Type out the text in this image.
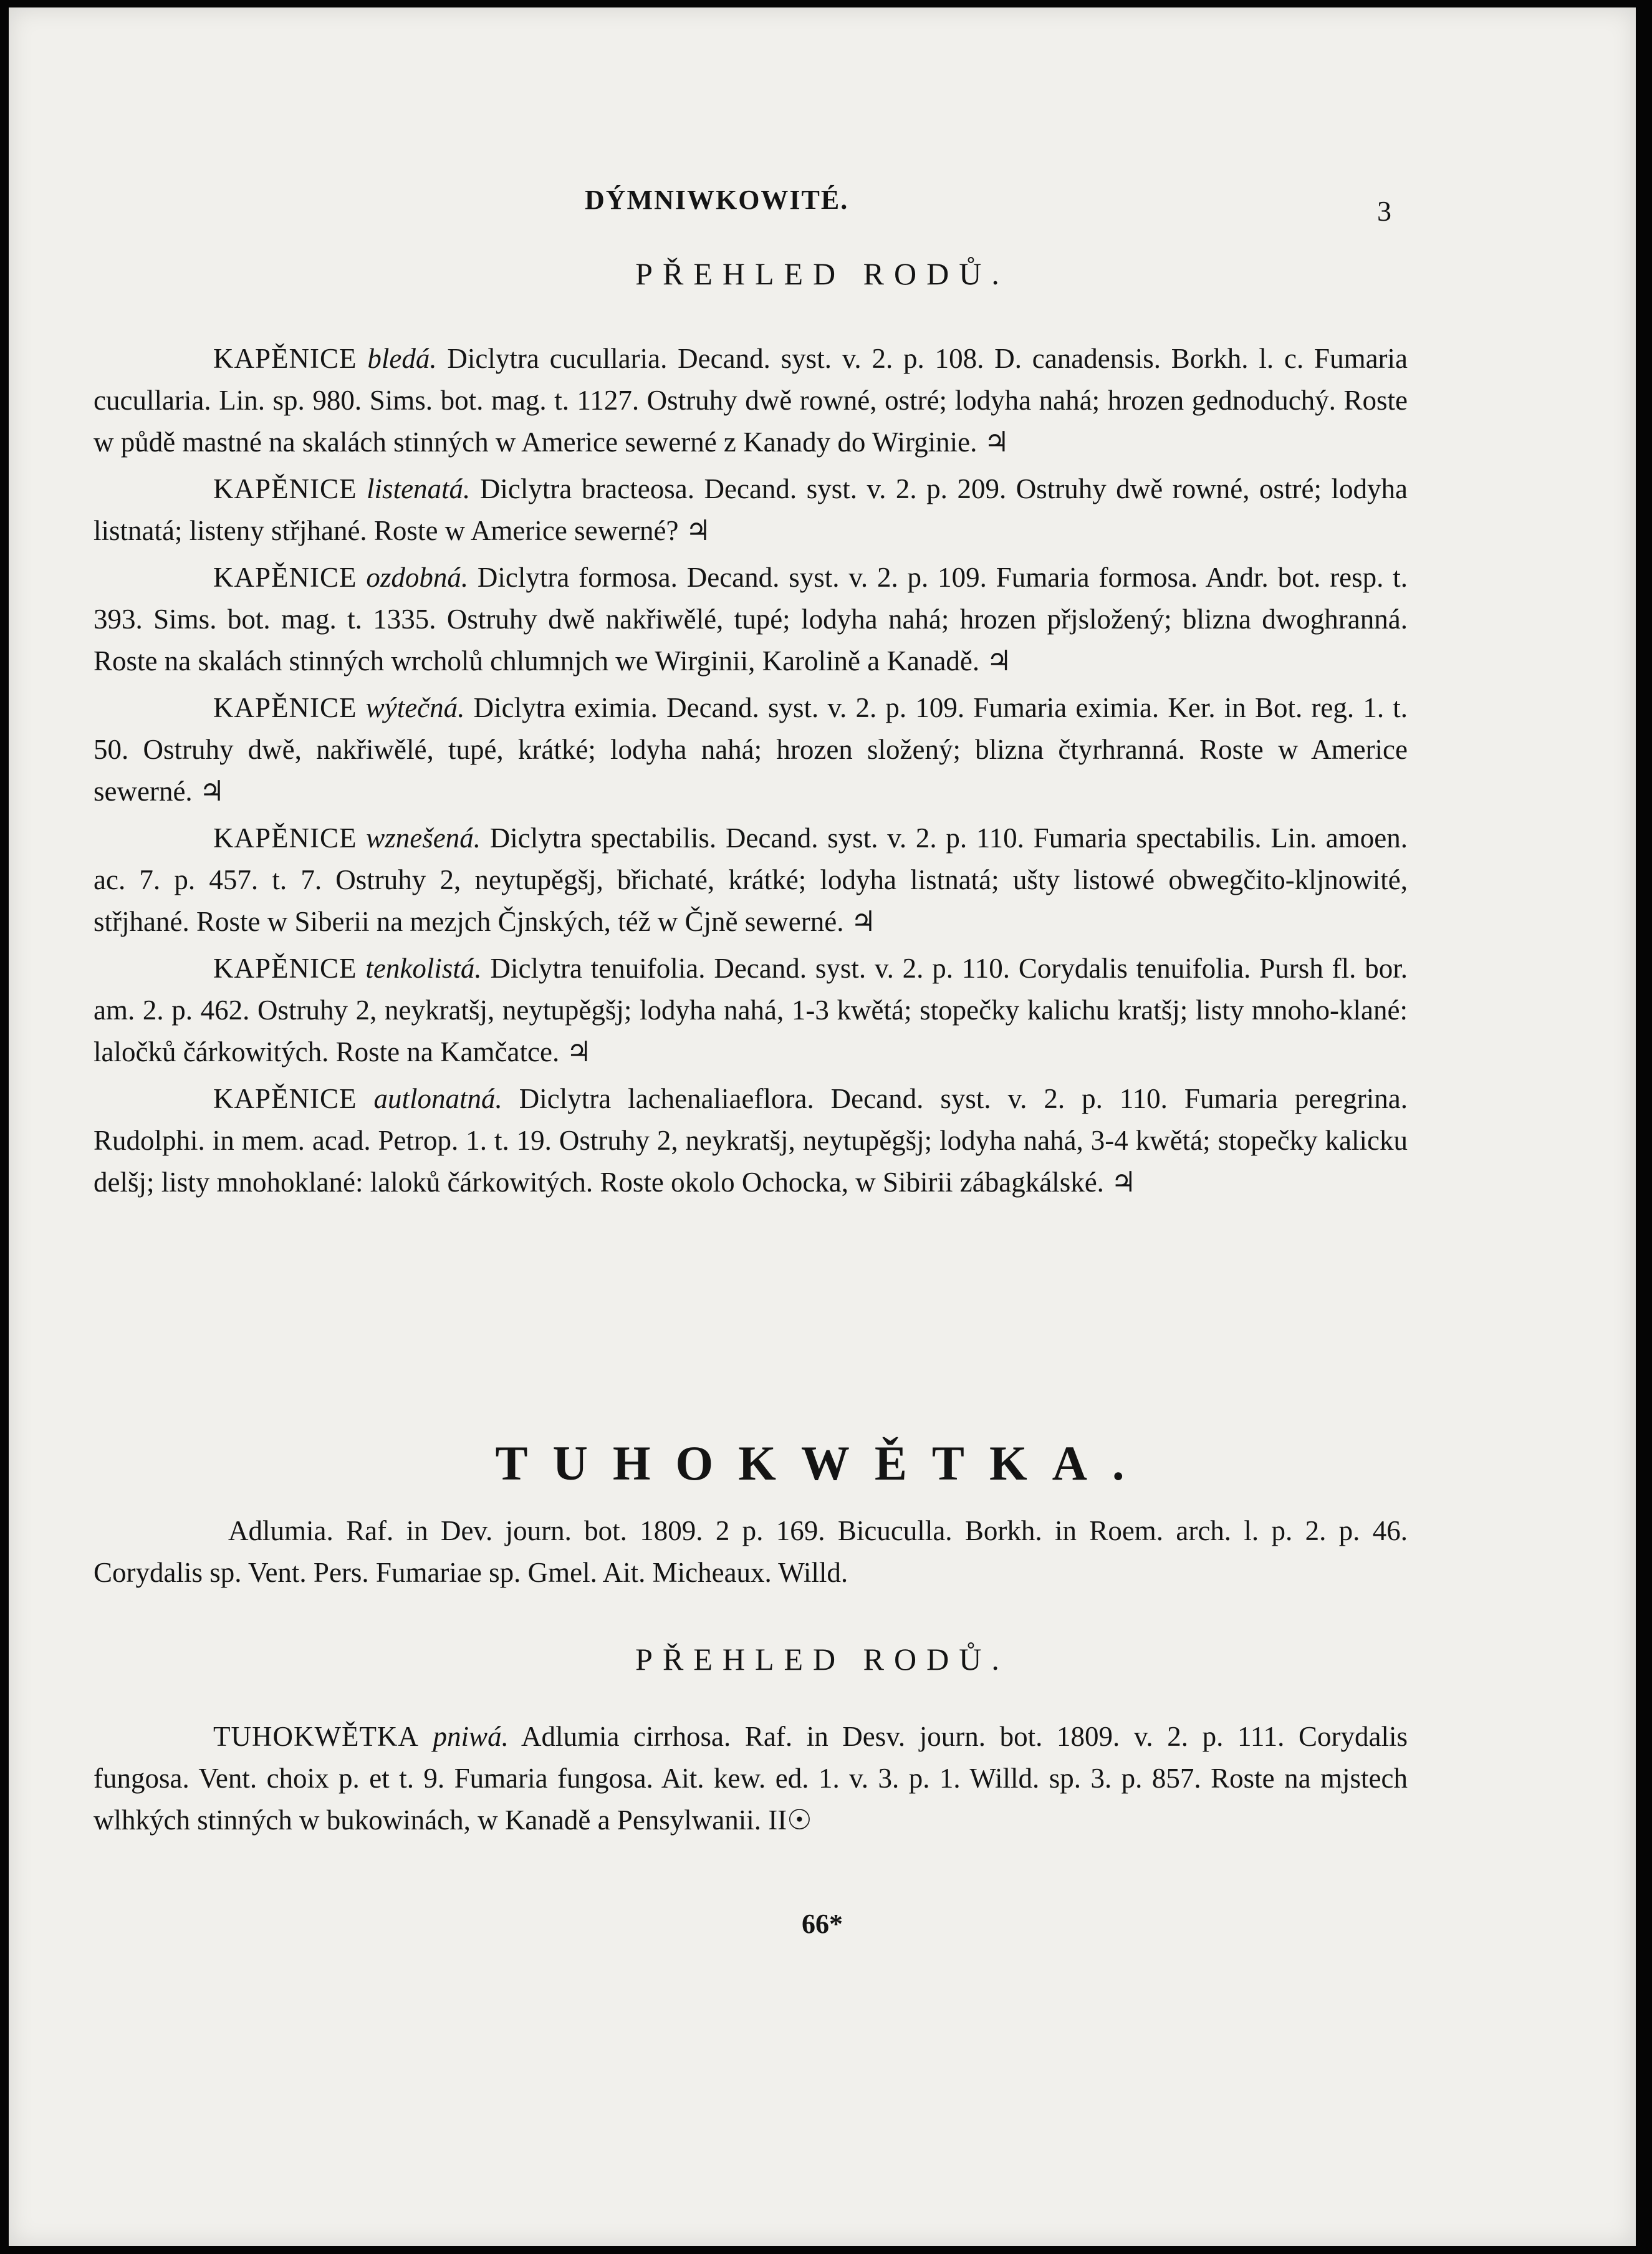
DÝMNIWKOWITÉ.	3
PŘEHLED RODŮ.

KAPĚNICE bledá. Diclytra cucullaria. Decand. syst. v. 2. p. 108. D. canadensis. Borkh. l. c. Fumaria cucullaria. Lin. sp. 980. Sims. bot. mag. t. 1127. Ostruhy dwě rowné, ostré; lodyha nahá; hrozen gednoduchý. Roste w půdě mastné na skalách stinných w Americe sewerné z Kanady do Wirginie. ♃

KAPĚNICE listenatá. Diclytra bracteosa. Decand. syst. v. 2. p. 209. Ostruhy dwě rowné, ostré; lodyha listnatá; listeny střjhané. Roste w Americe sewerné? ♃

KAPĚNICE ozdobná. Diclytra formosa. Decand. syst. v. 2. p. 109. Fumaria formosa. Andr. bot. resp. t. 393. Sims. bot. mag. t. 1335. Ostruhy dwě nakřiwělé, tupé; lodyha nahá; hrozen přjsložený; blizna dwoghranná. Roste na skalách stinných wrcholů chlumnjch we Wirginii, Karolině a Kanadě. ♃

KAPĚNICE wýtečná. Diclytra eximia. Decand. syst. v. 2. p. 109. Fumaria eximia. Ker. in Bot. reg. 1. t. 50. Ostruhy dwě, nakřiwělé, tupé, krátké; lodyha nahá; hrozen složený; blizna čtyrhranná. Roste w Americe sewerné. ♃

KAPĚNICE wznešená. Diclytra spectabilis. Decand. syst. v. 2. p. 110. Fumaria spectabilis. Lin. amoen. ac. 7. p. 457. t. 7. Ostruhy 2, neytupěgšj, břichaté, krátké; lodyha listnatá; ušty listowé obwegčito-kljnowité, střjhané. Roste w Siberii na mezjch Čjnských, též w Čjně sewerné. ♃

KAPĚNICE tenkolistá. Diclytra tenuifolia. Decand. syst. v. 2. p. 110. Corydalis tenuifolia. Pursh fl. bor. am. 2. p. 462. Ostruhy 2, neykratšj, neytupěgšj; lodyha nahá, 1-3 kwětá; stopečky kalichu kratšj; listy mnoho-klané: laločků čárkowitých. Roste na Kamčatce. ♃

KAPĚNICE autlonatná. Diclytra lachenaliaeflora. Decand. syst. v. 2. p. 110. Fumaria peregrina. Rudolphi. in mem. acad. Petrop. 1. t. 19. Ostruhy 2, neykratšj, neytupěgšj; lodyha nahá, 3-4 kwětá; stopečky kalicku delšj; listy mnohoklané: laloků čárkowitých. Roste okolo Ochocka, w Sibirii zábagkálské. ♃

TUHOKWĚTKA.

Adlumia. Raf. in Dev. journ. bot. 1809. 2 p. 169. Bicuculla. Borkh. in Roem. arch. l. p. 2. p. 46. Corydalis sp. Vent. Pers. Fumariae sp. Gmel. Ait. Micheaux. Willd.

PŘEHLED RODŮ.

TUHOKWĚTKA pniwá. Adlumia cirrhosa. Raf. in Desv. journ. bot. 1809. v. 2. p. 111. Corydalis fungosa. Vent. choix p. et t. 9. Fumaria fungosa. Ait. kew. ed. 1. v. 3. p. 1. Willd. sp. 3. p. 857. Roste na mjstech wlhkých stinných w bukowinách, w Kanadě a Pensylwanii. II☉

66*
